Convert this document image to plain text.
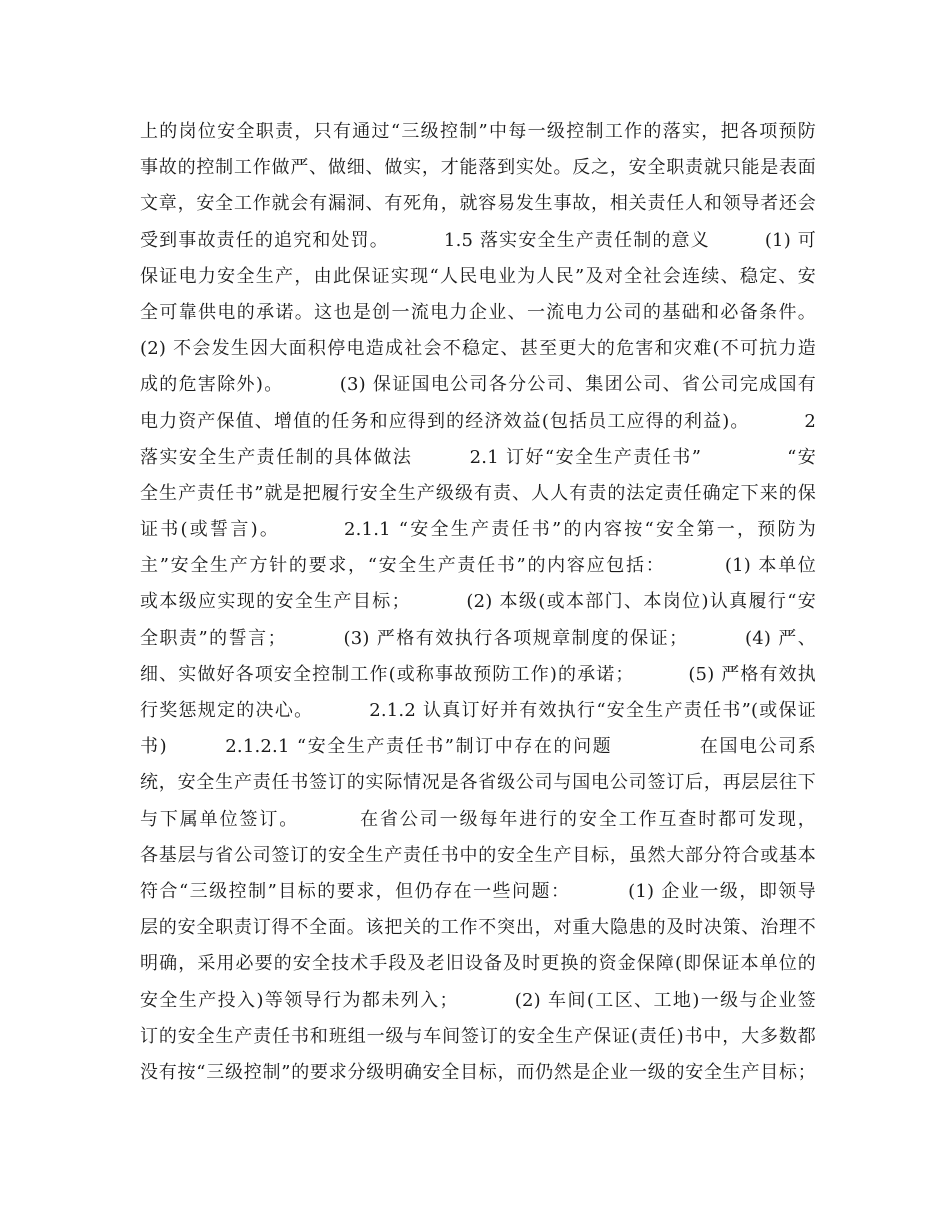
上的岗位安全职责，只有通过“三级控制”中每一级控制工作的落实，把各项预防
事故的控制工作做严、做细、做实，才能落到实处。反之，安全职责就只能是表面
文章，安全工作就会有漏洞、有死角，就容易发生事故，相关责任人和领导者还会
受到事故责任的追究和处罚。        1.5 落实安全生产责任制的意义        (1) 可
保证电力安全生产，由此保证实现“人民电业为人民”及对全社会连续、稳定、安
全可靠供电的承诺。这也是创一流电力企业、一流电力公司的基础和必备条件。
(2) 不会发生因大面积停电造成社会不稳定、甚至更大的危害和灾难(不可抗力造
成的危害除外)。        (3) 保证国电公司各分公司、集团公司、省公司完成国有
电力资产保值、增值的任务和应得到的经济效益(包括员工应得的利益)。        2
落实安全生产责任制的具体做法        2.1 订好“安全生产责任书”            “安
全生产责任书”就是把履行安全生产级级有责、人人有责的法定责任确定下来的保
证书(或誓言)。        2.1.1 “安全生产责任书”的内容按“安全第一，预防为
主”安全生产方针的要求，“安全生产责任书”的内容应包括：        (1) 本单位
或本级应实现的安全生产目标；        (2) 本级(或本部门、本岗位)认真履行“安
全职责”的誓言；        (3) 严格有效执行各项规章制度的保证；        (4) 严、
细、实做好各项安全控制工作(或称事故预防工作)的承诺；        (5) 严格有效执
行奖惩规定的决心。        2.1.2 认真订好并有效执行“安全生产责任书”(或保证
书)        2.1.2.1 “安全生产责任书”制订中存在的问题            在国电公司系
统，安全生产责任书签订的实际情况是各省级公司与国电公司签订后，再层层往下
与下属单位签订。        在省公司一级每年进行的安全工作互查时都可发现，
各基层与省公司签订的安全生产责任书中的安全生产目标，虽然大部分符合或基本
符合“三级控制”目标的要求，但仍存在一些问题：        (1) 企业一级，即领导
层的安全职责订得不全面。该把关的工作不突出，对重大隐患的及时决策、治理不
明确，采用必要的安全技术手段及老旧设备及时更换的资金保障(即保证本单位的
安全生产投入)等领导行为都未列入；        (2) 车间(工区、工地)一级与企业签
订的安全生产责任书和班组一级与车间签订的安全生产保证(责任)书中，大多数都
没有按“三级控制”的要求分级明确安全目标，而仍然是企业一级的安全生产目标；
